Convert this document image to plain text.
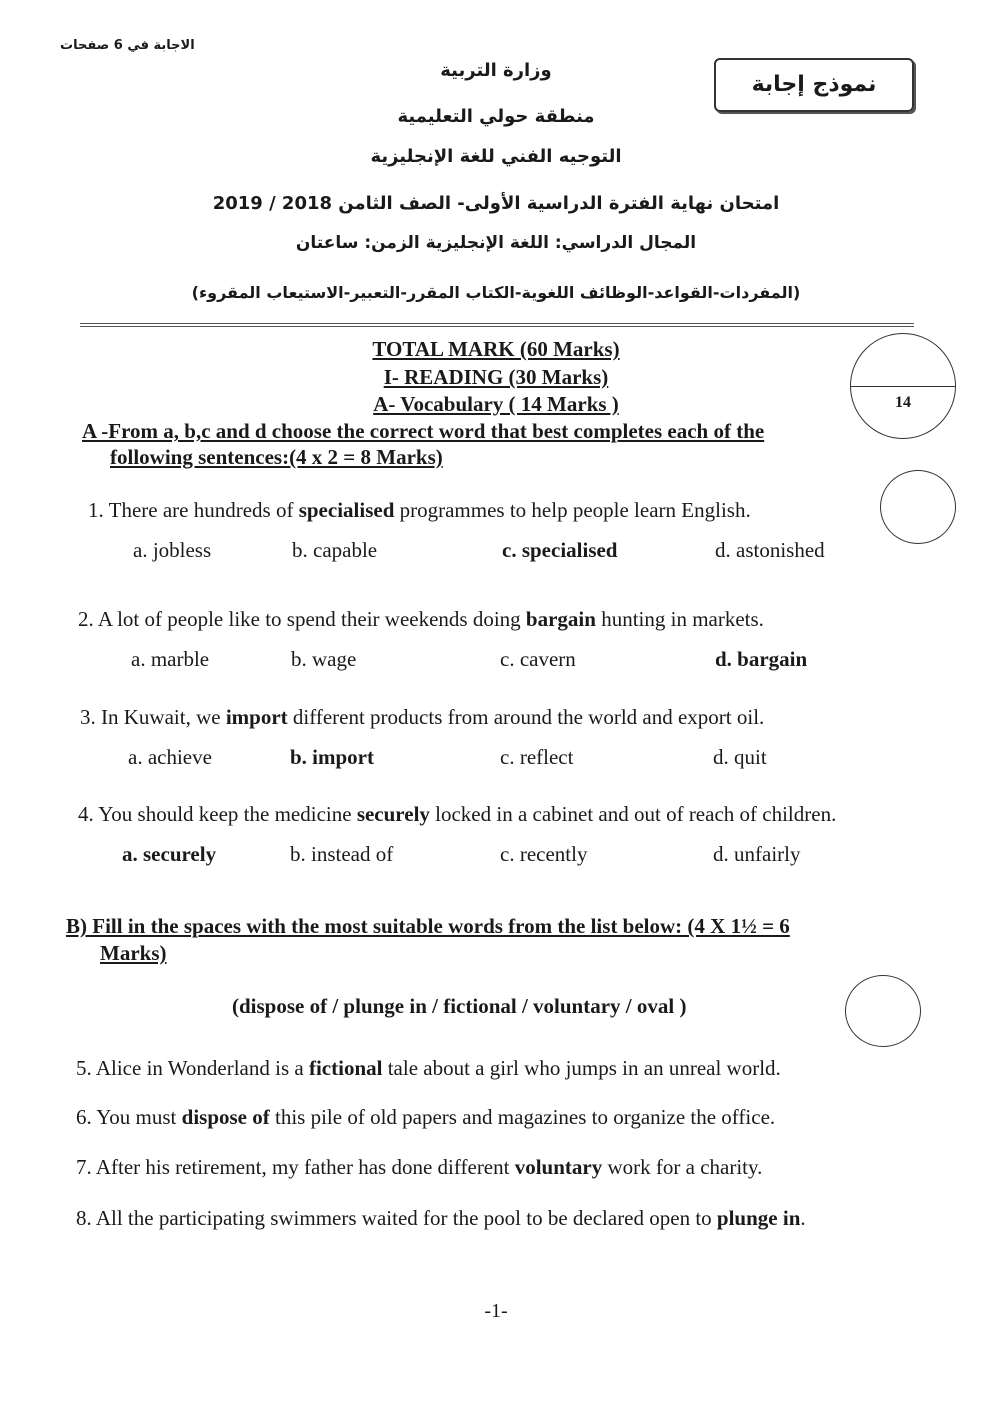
الاجابة في 6 صفحات
نموذج إجابة
وزارة التربية
منطقة حولي التعليمية
التوجيه الفني للغة الإنجليزية
امتحان نهاية الفترة الدراسية الأولى- الصف الثامن 2018 / 2019
المجال الدراسي: اللغة الإنجليزية الزمن: ساعتان
(المفردات-القواعد-الوظائف اللغوية-الكتاب المقرر-التعبير-الاستيعاب المقروء)
TOTAL MARK (60 Marks)
I- READING (30 Marks)
A- Vocabulary ( 14 Marks )	14
A -From a, b,c and d choose the correct word that best completes each of the
following sentences:(4 x 2 = 8 Marks)
B) Fill in the spaces with the most suitable words from the list below: (4 X 1½ = 6
Marks)
(dispose of / plunge in / fictional / voluntary / oval )
-1-
1. There are hundreds of specialised programmes to help people learn English.
a. jobless	b. capable	c. specialised	d. astonished
2. A lot of people like to spend their weekends doing bargain hunting in markets.
a. marble	b. wage	c. cavern	d. bargain
3. In Kuwait, we import different products from around the world and export oil.
a. achieve	b. import	c. reflect	d. quit
4. You should keep the medicine securely locked in a cabinet and out of reach of children.
a. securely	b. instead of	c. recently	d. unfairly
5. Alice in Wonderland is a fictional tale about a girl who jumps in an unreal world.
6. You must dispose of this pile of old papers and magazines to organize the office.
7. After his retirement, my father has done different voluntary work for a charity.
8. All the participating swimmers waited for the pool to be declared open to plunge in.
